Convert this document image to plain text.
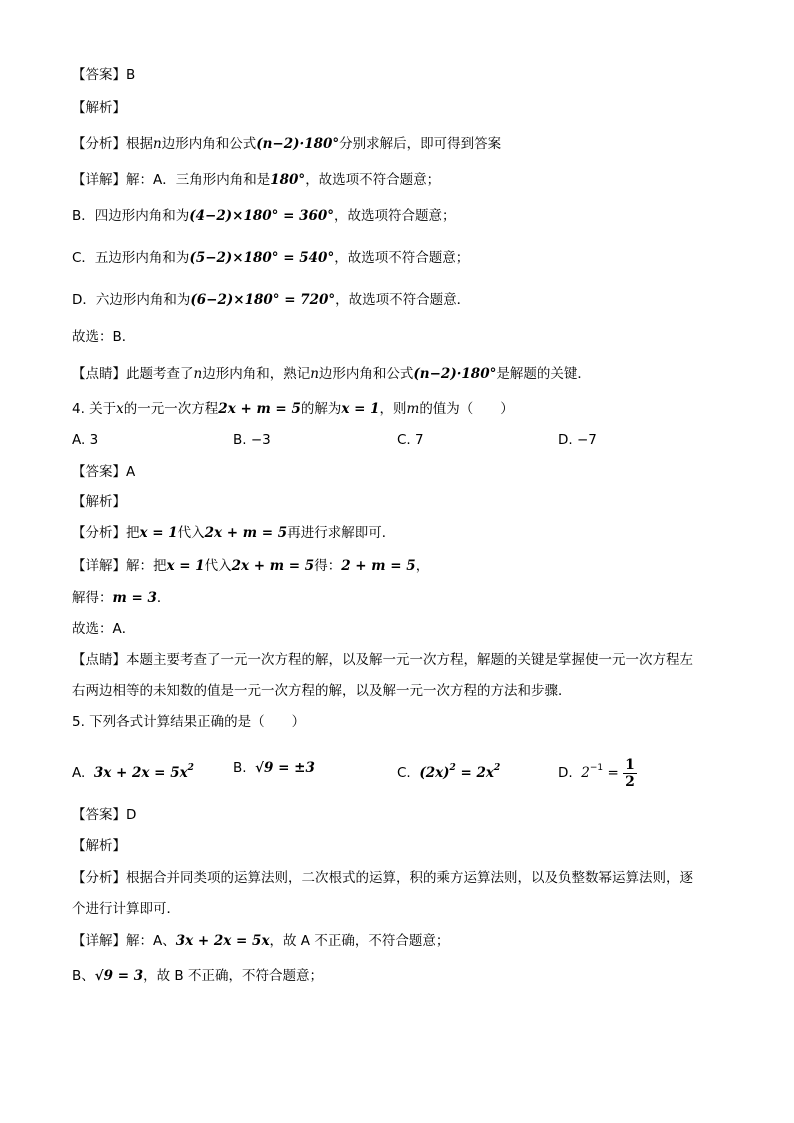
【答案】B
【解析】
【分析】根据n边形内角和公式(n−2)·180°分别求解后，即可得到答案
【详解】解：A．三角形内角和是180°，故选项不符合题意；
B．四边形内角和为(4−2)×180° = 360°，故选项符合题意；
C．五边形内角和为(5−2)×180° = 540°，故选项不符合题意；
D．六边形内角和为(6−2)×180° = 720°，故选项不符合题意．
故选：B．
【点睛】此题考查了n边形内角和，熟记n边形内角和公式(n−2)·180°是解题的关键．
4. 关于x的一元一次方程2x + m = 5的解为x = 1，则m的值为（　　）
A. 3	B. −3	C. 7	D. −7
【答案】A
【解析】
【分析】把x = 1代入2x + m = 5再进行求解即可．
【详解】解：把x = 1代入2x + m = 5得：2 + m = 5，
解得：m = 3．
故选：A．
【点睛】本题主要考查了一元一次方程的解，以及解一元一次方程，解题的关键是掌握使一元一次方程左
右两边相等的未知数的值是一元一次方程的解，以及解一元一次方程的方法和步骤．
5. 下列各式计算结果正确的是（　　）
A. $3x + 2x = 5x^2$	B. √9 = ±3	C. $(2x)^2 = 2x^2$	D. $2^{-1} = \frac{1}{2}$
【答案】D
【解析】
【分析】根据合并同类项的运算法则，二次根式的运算，积的乘方运算法则，以及负整数幂运算法则，逐
个进行计算即可．
【详解】解：A、3x + 2x = 5x，故 A 不正确，不符合题意；
B、√9 = 3，故 B 不正确，不符合题意；
